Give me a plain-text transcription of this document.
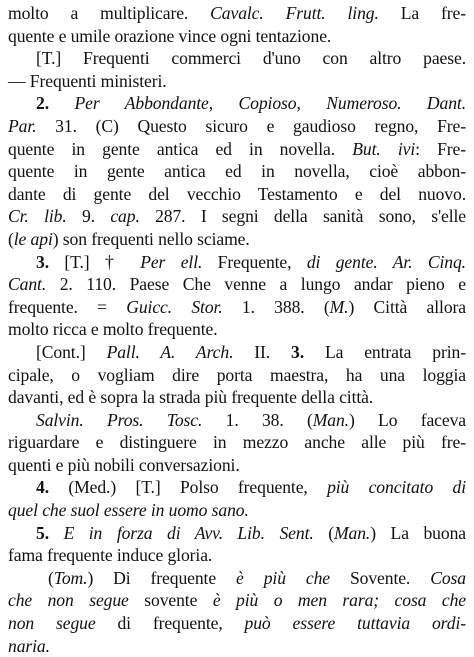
molto a multiplicare. Cavalc. Frutt. ling. La fre-
quente e umile orazione vince ogni tentazione.
[T.] Frequenti commerci d'uno con altro paese.
— Frequenti ministeri.
2. Per Abbondante, Copioso, Numeroso. Dant.
Par. 31. (C) Questo sicuro e gaudioso regno, Fre-
quente in gente antica ed in novella. But. ivi: Fre-
quente in gente antica ed in novella, cioè abbon-
dante di gente del vecchio Testamento e del nuovo.
Cr. lib. 9. cap. 287. I segni della sanità sono, s'elle
(le api) son frequenti nello sciame.
3. [T.] † Per ell. Frequente, di gente. Ar. Cinq.
Cant. 2. 110. Paese Che venne a lungo andar pieno e
frequente. = Guicc. Stor. 1. 388. (M.) Città allora
molto ricca e molto frequente.
[Cont.] Pall. A. Arch. II. 3. La entrata prin-
cipale, o vogliam dire porta maestra, ha una loggia
davanti, ed è sopra la strada più frequente della città.
Salvin. Pros. Tosc. 1. 38. (Man.) Lo faceva
riguardare e distinguere in mezzo anche alle più fre-
quenti e più nobili conversazioni.
4. (Med.) [T.] Polso frequente, più concitato di
quel che suol essere in uomo sano.
5. E in forza di Avv. Lib. Sent. (Man.) La buona
fama frequente induce gloria.
(Tom.) Di frequente è più che Sovente. Cosa
che non segue sovente è più o men rara; cosa che
non segue di frequente, può essere tuttavia ordi-
naria.
